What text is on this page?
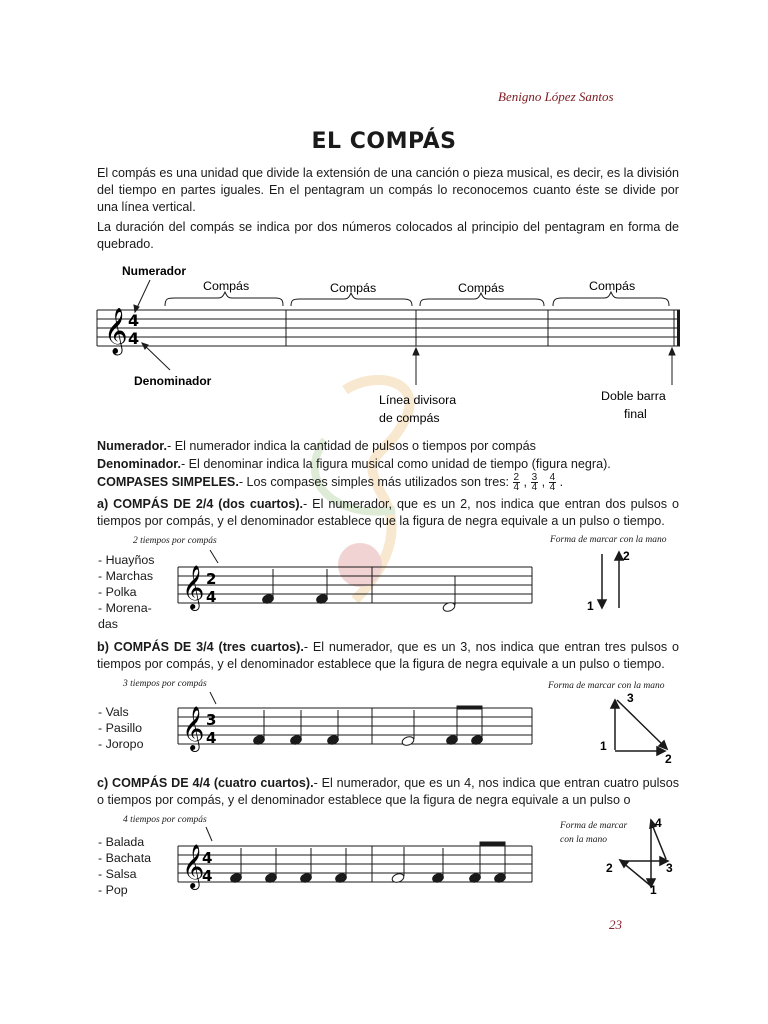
Benigno López Santos
EL COMPÁS
El compás es una unidad que divide la extensión de una canción o pieza musical, es decir, es la división del tiempo en partes iguales. En el pentagram un compás lo reconocemos cuanto éste se divide por una línea vertical.
La duración del compás se indica por dos números colocados al principio del pentagram en forma de quebrado.
𝄞 4
4
Compás	Compás	Compás	Compás
Numerador
Denominador
Línea divisora
de compás
Doble barra
final
Numerador.- El numerador indica la cantidad de pulsos o tiempos por compás
Denominador.- El denominar indica la figura musical como unidad de tiempo (figura negra).
COMPASES SIMPELES.- Los compases simples más utilizados son tres: $\frac{2}{4}$ , $\frac{3}{4}$ , $\frac{4}{4}$ .
a) COMPÁS DE 2/4 (dos cuartos).- El numerador, que es un 2, nos indica que entran dos pulsos o tiempos por compás, y el denominador establece que la figura de negra equivale a un pulso o tiempo.
2 tiempos por compás	Forma de marcar con la mano
- Huayños
- Marchas
- Polka
- Morena-
das
𝄞 2
4
2
1
b) COMPÁS DE 3/4 (tres cuartos).- El numerador, que es un 3, nos indica que entran tres pulsos o tiempos por compás, y el denominador establece que la figura de negra equivale a un pulso o tiempo.
3 tiempos por compás	Forma de marcar con la mano
- Vals
- Pasillo
- Joropo 𝄞 3
4
3
1
2
c) COMPÁS DE 4/4 (cuatro cuartos).- El numerador, que es un 4, nos indica que entran cuatro pulsos o tiempos por compás, y el denominador establece que la figura de negra equivale a un pulso o
4 tiempos por compás
Forma de marcar
con la mano
- Balada
- Bachata
- Salsa
- Pop
𝄞
4
4
4
2	3
1
23
